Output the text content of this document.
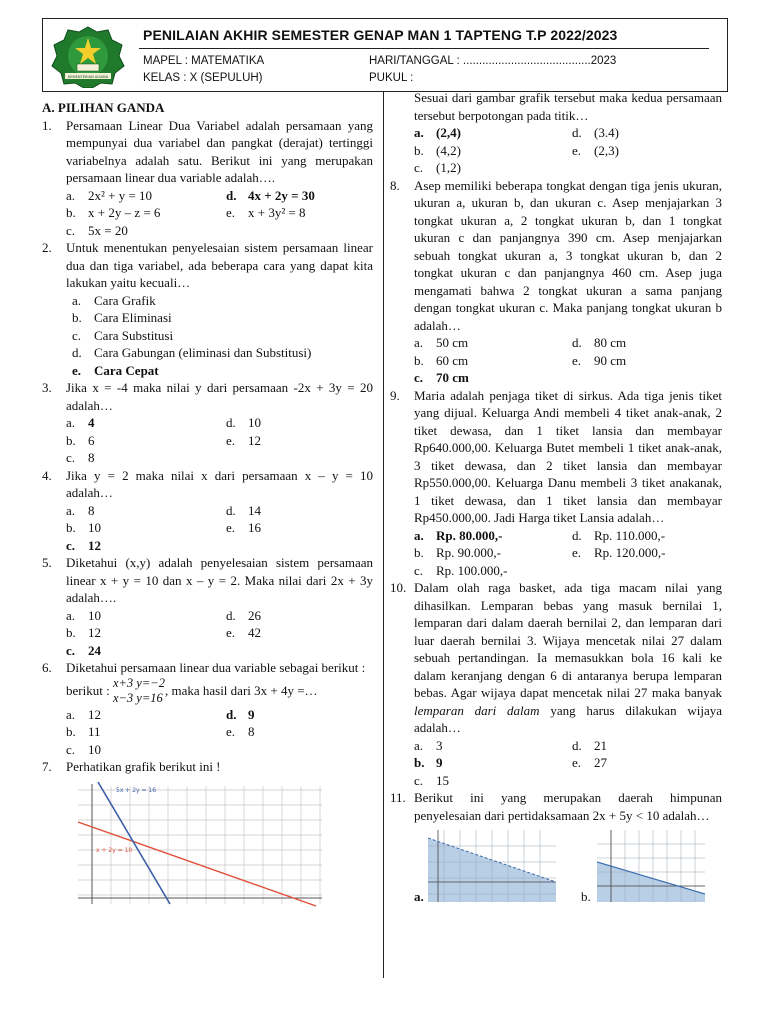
KEMENTERIAN AGAMA
PENILAIAN AKHIR SEMESTER GENAP MAN 1 TAPTENG T.P 2022/2023
MAPEL : MATEMATIKA
KELAS : X (SEPULUH)
HARI/TANGGAL : ........................................2023
PUKUL :
A. PILIHAN GANDA
1.	Persamaan Linear Dua Variabel adalah persamaan yang mempunyai dua variabel dan pangkat (derajat) tertinggi variabelnya adalah satu. Berikut ini yang merupakan persamaan linear dua variable adalah….
a. 2x² + y = 10	d. 4x + 2y = 30
b. x + 2y – z = 6	e. x + 3y² = 8
c. 5x = 20
2.	Untuk menentukan penyelesaian sistem persamaan linear dua dan tiga variabel, ada beberapa cara yang dapat kita lakukan yaitu kecuali…
a. Cara Grafik
b. Cara Eliminasi
c. Cara Substitusi
d. Cara Gabungan (eliminasi dan Substitusi)
e. Cara Cepat
3.	Jika x = -4 maka nilai y dari persamaan -2x + 3y = 20 adalah…
a. 4	d. 10
b. 6	e. 12
c. 8
4.	Jika y = 2 maka nilai x dari persamaan x – y = 10 adalah…
a. 8	d. 14
b. 10	e. 16
c. 12
5.	Diketahui (x,y) adalah penyelesaian sistem persamaan linear x + y = 10 dan x – y = 2. Maka nilai dari 2x + 3y adalah….
a. 10	d. 26
b. 12	e. 42
c. 24
6.	Diketahui persamaan linear dua variable sebagai berikut :
berikut :
x+3 y=−2
x−3 y=16 , maka hasil dari 3x + 4y =…
a. 12	d. 9
b. 11	e. 8
c. 10
7.	Perhatikan grafik berikut ini !
5x + 2y = 16
x + 2y = 10
Sesuai dari gambar grafik tersebut maka kedua persamaan tersebut berpotongan pada titik…
a. (2,4)	d. (3.4)
b. (4,2)	e. (2,3)
c. (1,2)
8.	Asep memiliki beberapa tongkat dengan tiga jenis ukuran, ukuran a, ukuran b, dan ukuran c. Asep menjajarkan 3 tongkat ukuran a, 2 tongkat ukuran b, dan 1 tongkat ukuran c dan panjangnya 390 cm. Asep menjajarkan sebuah tongkat ukuran a, 3 tongkat ukuran b, dan 2 tongkat ukuran c dan panjangnya 460 cm. Asep juga mengamati bahwa 2 tongkat ukuran a sama panjang dengan tongkat ukuran c. Maka panjang tongkat ukuran b adalah…
a. 50 cm	d. 80 cm
b. 60 cm	e. 90 cm
c. 70 cm
9.	Maria adalah penjaga tiket di sirkus. Ada tiga jenis tiket yang dijual. Keluarga Andi membeli 4 tiket anak-anak, 2 tiket dewasa, dan 1 tiket lansia dan membayar Rp640.000,00. Keluarga Butet membeli 1 tiket anak-anak, 3 tiket dewasa, dan 2 tiket lansia dan membayar Rp550.000,00. Keluarga Danu membeli 3 tiket anakanak, 1 tiket dewasa, dan 1 tiket lansia dan membayar Rp450.000,00. Jadi Harga tiket Lansia adalah…
a. Rp. 80.000,-	d. Rp. 110.000,-
b. Rp. 90.000,-	e. Rp. 120.000,-
c. Rp. 100.000,-
10. Dalam olah raga basket, ada tiga macam nilai yang dihasilkan. Lemparan bebas yang masuk bernilai 1, lemparan dari dalam daerah bernilai 2, dan lemparan dari luar daerah bernilai 3. Wijaya mencetak nilai 27 dalam sebuah pertandingan. Ia memasukkan bola 16 kali ke dalam keranjang dengan 6 di antaranya berupa lemparan bebas. Agar wijaya dapat mencetak nilai 27 maka banyak lemparan dari dalam yang harus dilakukan wijaya adalah…
a. 3	d. 21
b. 9	e. 27
c. 15
11. Berikut ini yang merupakan daerah himpunan penyelesaian dari pertidaksamaan 2x + 5y < 10 adalah…
a.	b.
